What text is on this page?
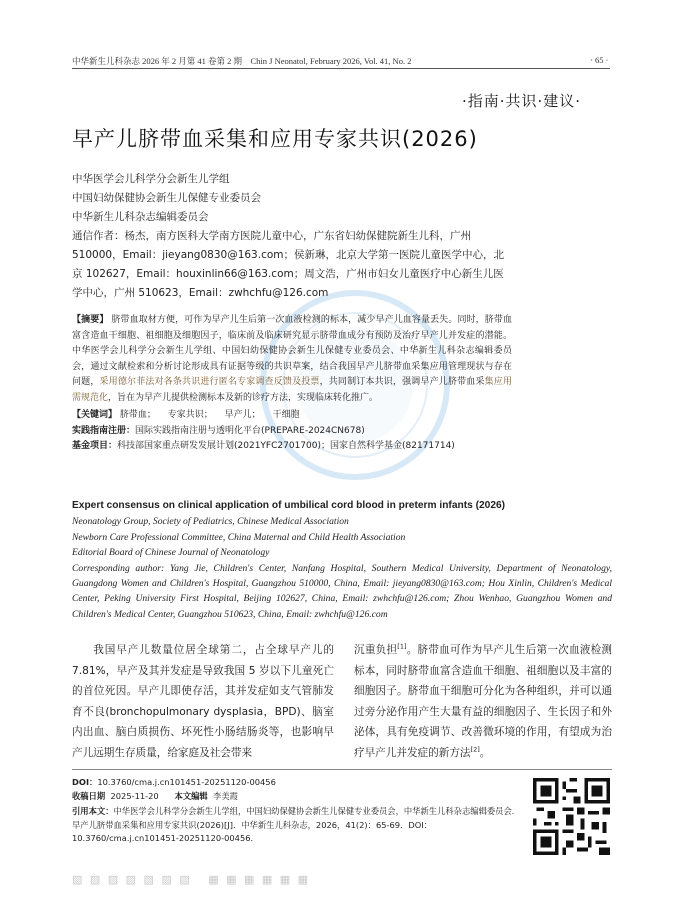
中华新生儿科杂志 2026 年 2 月第 41 卷第 2 期　Chin J Neonatol, February 2026, Vol. 41, No. 2	· 65 ·
·指南·共识·建议·
早产儿脐带血采集和应用专家共识(2026)
中华医学会儿科学分会新生儿学组
中国妇幼保健协会新生儿保健专业委员会
中华新生儿科杂志编辑委员会
通信作者：杨杰，南方医科大学南方医院儿童中心，广东省妇幼保健院新生儿科，广州 510000，Email：jieyang0830@163.com；侯新琳，北京大学第一医院儿童医学中心，北京 102627，Email：houxinlin66@163.com；周文浩，广州市妇女儿童医疗中心新生儿医学中心，广州 510623，Email：zwhchfu@126.com
【摘要】 脐带血取材方便，可作为早产儿生后第一次血液检测的标本，减少早产儿血容量丢失。同时，脐带血富含造血干细胞、祖细胞及细胞因子，临床前及临床研究显示脐带血成分有预防及治疗早产儿并发症的潜能。中华医学会儿科学分会新生儿学组、中国妇幼保健协会新生儿保健专业委员会、中华新生儿科杂志编辑委员会，通过文献检索和分析讨论形成具有证据等级的共识草案，结合我国早产儿脐带血采集应用管理现状与存在问题，采用德尔菲法对各条共识进行匿名专家调查反馈及投票，共同制订本共识，强调早产儿脐带血采集应用需规范化，旨在为早产儿提供检测标本及新的诊疗方法，实现临床转化推广。
【关键词】 脐带血； 专家共识； 早产儿； 干细胞
实践指南注册：国际实践指南注册与透明化平台(PREPARE-2024CN678)
基金项目：科技部国家重点研发发展计划(2021YFC2701700)；国家自然科学基金(82171714)
Expert consensus on clinical application of umbilical cord blood in preterm infants (2026)
Neonatology Group, Society of Pediatrics, Chinese Medical Association
Newborn Care Professional Committee, China Maternal and Child Health Association
Editorial Board of Chinese Journal of Neonatology
Corresponding author: Yang Jie, Children's Center, Nanfang Hospital, Southern Medical University, Department of Neonatology, Guangdong Women and Children's Hospital, Guangzhou 510000, China, Email: jieyang0830@163.com; Hou Xinlin, Children's Medical Center, Peking University First Hospital, Beijing 102627, China, Email: zwhchfu@126.com; Zhou Wenhao, Guangzhou Women and Children's Medical Center, Guangzhou 510623, China, Email: zwhchfu@126.com
我国早产儿数量位居全球第二，占全球早产儿的 7.81%，早产及其并发症是导致我国 5 岁以下儿童死亡的首位死因。早产儿即使存活，其并发症如支气管肺发育不良(bronchopulmonary dysplasia，BPD)、脑室内出血、脑白质损伤、坏死性小肠结肠炎等，也影响早产儿远期生存质量，给家庭及社会带来
沉重负担[1]。脐带血可作为早产儿生后第一次血液检测标本，同时脐带血富含造血干细胞、祖细胞以及丰富的细胞因子。脐带血干细胞可分化为各种组织，并可以通过旁分泌作用产生大量有益的细胞因子、生长因子和外泌体，具有免疫调节、改善微环境的作用，有望成为治疗早产儿并发症的新方法[2]。
DOI：10.3760/cma.j.cn101451-20251120-00456
收稿日期 2025-11-20 本文编辑 李美霞
引用本文：中华医学会儿科学分会新生儿学组，中国妇幼保健协会新生儿保健专业委员会，中华新生儿科杂志编辑委员会．早产儿脐带血采集和应用专家共识(2026)[J]．中华新生儿科杂志，2026，41(2)：65-69．DOI：10.3760/cma.j.cn101451-20251120-00456．
▧ ▨ ▧ ▨ ▧ ▨ ▧   ▦ ▦ ▦ ▦ ▦ ▦
